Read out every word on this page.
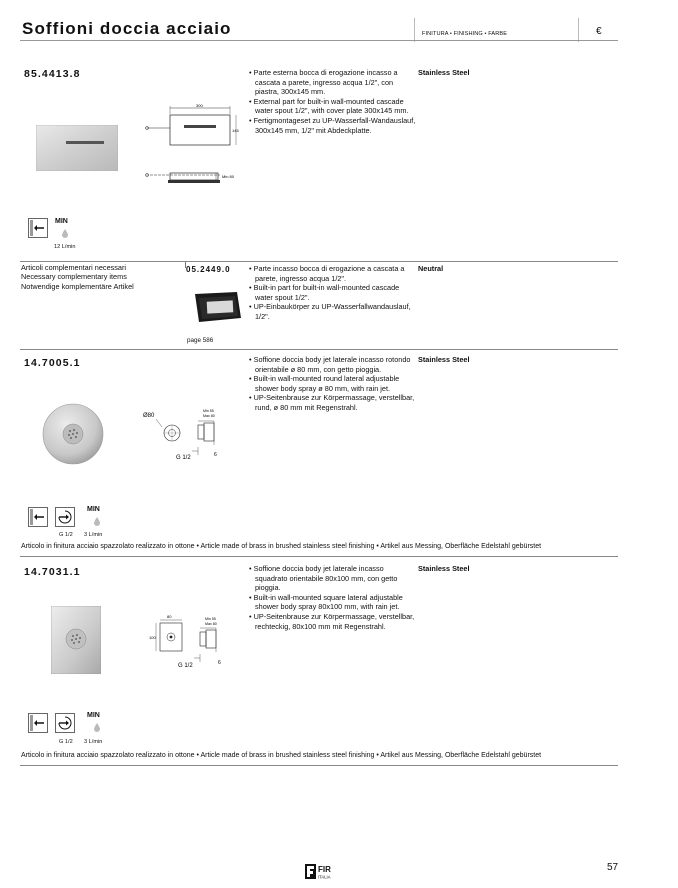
Soffioni doccia acciaio	FINITURA • FINISHING • FARBE	€
85.4413.8
300
145
Min 80

• Parte esterna bocca di erogazione incasso a cascata a parete, ingresso acqua 1/2", con piastra, 300x145 mm.

• External part for built-in wall-mounted cascade water spout 1/2", with cover plate 300x145 mm.

• Fertigmontageset zu UP-Wasserfall-Wandauslauf, 300x145 mm, 1/2" mit Abdeckplatte.

Stainless Steel
MIN
12 L/min
Articoli complementari necessari
Necessary complementary items
Notwendige komplementäre Artikel
05.2449.0
page 586

• Parte incasso bocca di erogazione a cascata a parete, ingresso acqua 1/2".

• Built-in part for built-in wall-mounted cascade water spout 1/2".

• UP-Einbaukörper zu UP-Wasserfallwandauslauf, 1/2".

Neutral
14.7005.1
Ø80
Min 55
Max 80
G 1/2	6

• Soffione doccia body jet laterale incasso rotondo orientabile ø 80 mm, con getto pioggia.

• Built-in wall-mounted round lateral adjustable shower body spray ø 80 mm, with rain jet.

• UP-Seitenbrause zur Körpermassage, verstellbar, rund, ø 80 mm mit Regenstrahl.

Stainless Steel
MIN
G 1/2 3 L/min
Articolo in finitura acciaio spazzolato realizzato in ottone • Article made of brass in brushed stainless steel finishing • Artikel aus Messing, Oberfläche Edelstahl gebürstet
14.7031.1
80
100
Min 55
Max 80
G 1/2	6

• Soffione doccia body jet laterale incasso squadrato orientabile 80x100 mm, con getto pioggia.

• Built-in wall-mounted square lateral adjustable shower body spray 80x100 mm, with rain jet.

• UP-Seitenbrause zur Körpermassage, verstellbar, rechteckig, 80x100 mm mit Regenstrahl.

Stainless Steel
MIN
G 1/2 3 L/min
Articolo in finitura acciaio spazzolato realizzato in ottone • Article made of brass in brushed stainless steel finishing • Artikel aus Messing, Oberfläche Edelstahl gebürstet
FIR
ITALIA
57
